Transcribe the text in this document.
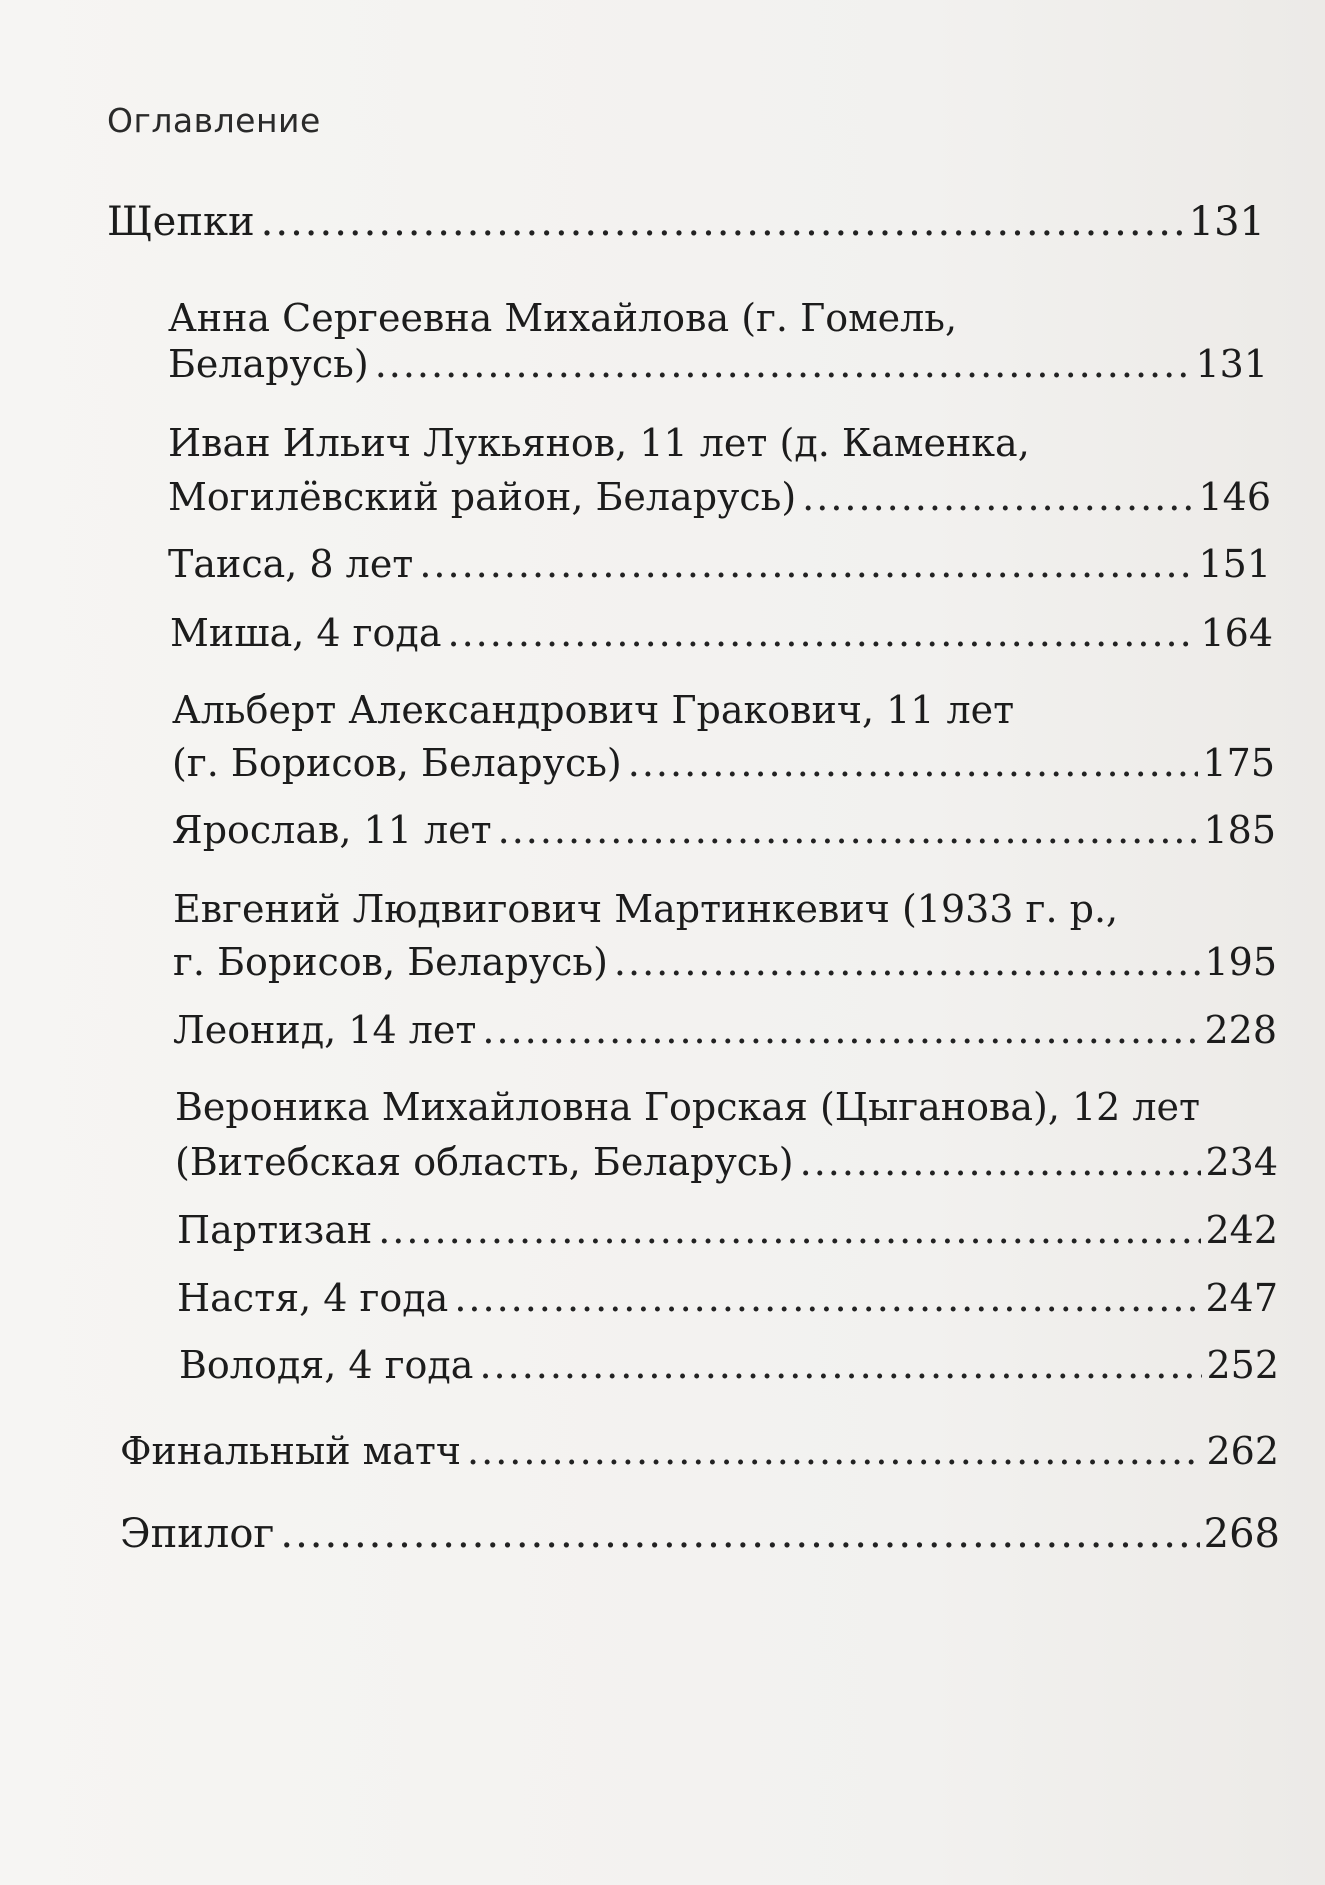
Оглавление
Щепки .....	131
Анна Сергеевна Михайлова (г. Гомель,
Беларусь) .....	131
Иван Ильич Лукьянов, 11 лет (д. Каменка,
Могилёвский район, Беларусь) .....	146
Таиса, 8 лет .....	151
Миша, 4 года .....	164
Альберт Александрович Гракович, 11 лет
(г. Борисов, Беларусь) .....	175
Ярослав, 11 лет .....	185
Евгений Людвигович Мартинкевич (1933 г. р.,
г. Борисов, Беларусь) .....	195
Леонид, 14 лет .....	228
Вероника Михайловна Горская (Цыганова), 12 лет
(Витебская область, Беларусь) .....	234
Партизан .....	242
Настя, 4 года .....	247
Володя, 4 года .....	252
Финальный матч .....	262
Эпилог .....	268
